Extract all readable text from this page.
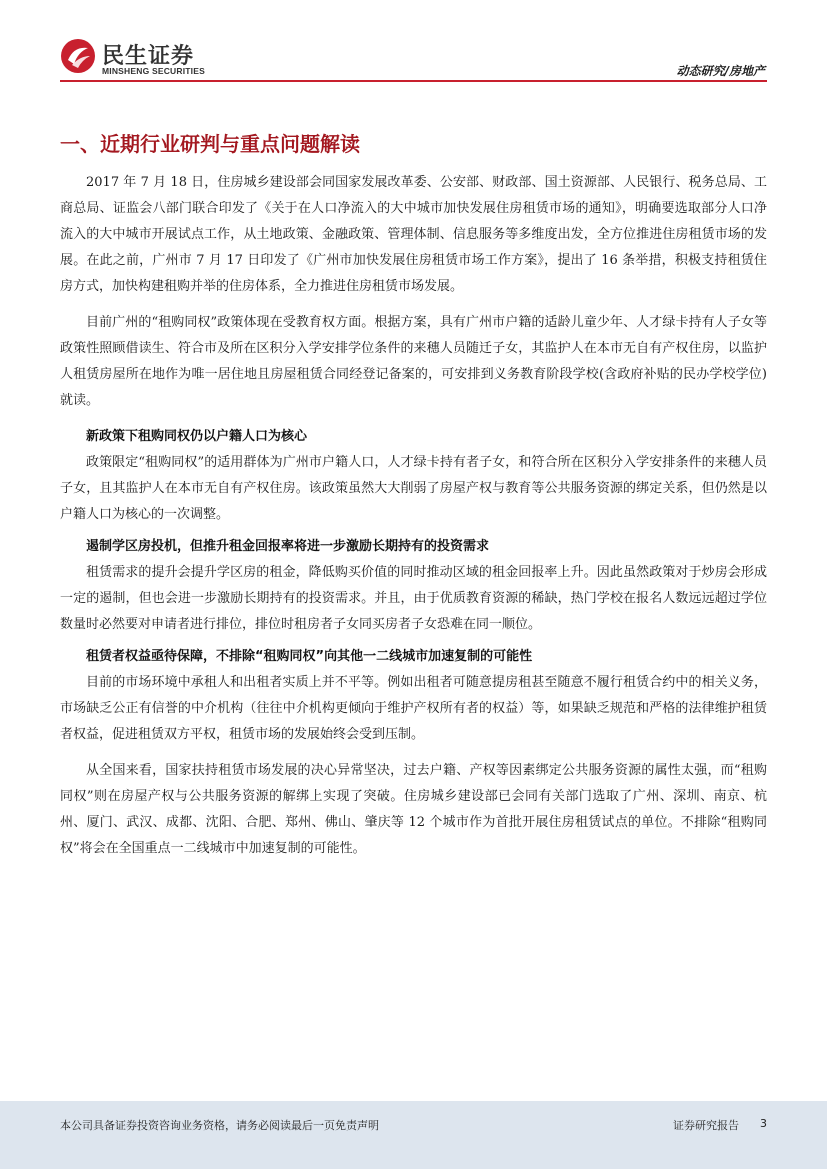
民生证券
MINSHENG SECURITIES	动态研究/房地产
一、近期行业研判与重点问题解读

2017 年 7 月 18 日，住房城乡建设部会同国家发展改革委、公安部、财政部、国土资源部、人民银行、税务总局、工商总局、证监会八部门联合印发了《关于在人口净流入的大中城市加快发展住房租赁市场的通知》，明确要选取部分人口净流入的大中城市开展试点工作，从土地政策、金融政策、管理体制、信息服务等多维度出发，全方位推进住房租赁市场的发展。在此之前，广州市 7 月 17 日印发了《广州市加快发展住房租赁市场工作方案》，提出了 16 条举措，积极支持租赁住房方式，加快构建租购并举的住房体系，全力推进住房租赁市场发展。

目前广州的“租购同权”政策体现在受教育权方面。根据方案，具有广州市户籍的适龄儿童少年、人才绿卡持有人子女等政策性照顾借读生、符合市及所在区积分入学安排学位条件的来穗人员随迁子女，其监护人在本市无自有产权住房，以监护人租赁房屋所在地作为唯一居住地且房屋租赁合同经登记备案的，可安排到义务教育阶段学校(含政府补贴的民办学校学位)就读。

新政策下租购同权仍以户籍人口为核心

政策限定“租购同权”的适用群体为广州市户籍人口，人才绿卡持有者子女，和符合所在区积分入学安排条件的来穗人员子女，且其监护人在本市无自有产权住房。该政策虽然大大削弱了房屋产权与教育等公共服务资源的绑定关系，但仍然是以户籍人口为核心的一次调整。

遏制学区房投机，但推升租金回报率将进一步激励长期持有的投资需求

租赁需求的提升会提升学区房的租金，降低购买价值的同时推动区域的租金回报率上升。因此虽然政策对于炒房会形成一定的遏制，但也会进一步激励长期持有的投资需求。并且，由于优质教育资源的稀缺，热门学校在报名人数远远超过学位数量时必然要对申请者进行排位，排位时租房者子女同买房者子女恐难在同一顺位。

租赁者权益亟待保障，不排除“租购同权”向其他一二线城市加速复制的可能性

目前的市场环境中承租人和出租者实质上并不平等。例如出租者可随意提房租甚至随意不履行租赁合约中的相关义务，市场缺乏公正有信誉的中介机构（往往中介机构更倾向于维护产权所有者的权益）等，如果缺乏规范和严格的法律维护租赁者权益，促进租赁双方平权，租赁市场的发展始终会受到压制。

从全国来看，国家扶持租赁市场发展的决心异常坚决，过去户籍、产权等因素绑定公共服务资源的属性太强，而“租购同权”则在房屋产权与公共服务资源的解绑上实现了突破。住房城乡建设部已会同有关部门选取了广州、深圳、南京、杭州、厦门、武汉、成都、沈阳、合肥、郑州、佛山、肇庆等 12 个城市作为首批开展住房租赁试点的单位。不排除“租购同权”将会在全国重点一二线城市中加速复制的可能性。

本公司具备证券投资咨询业务资格，请务必阅读最后一页免责声明	证券研究报告 3
